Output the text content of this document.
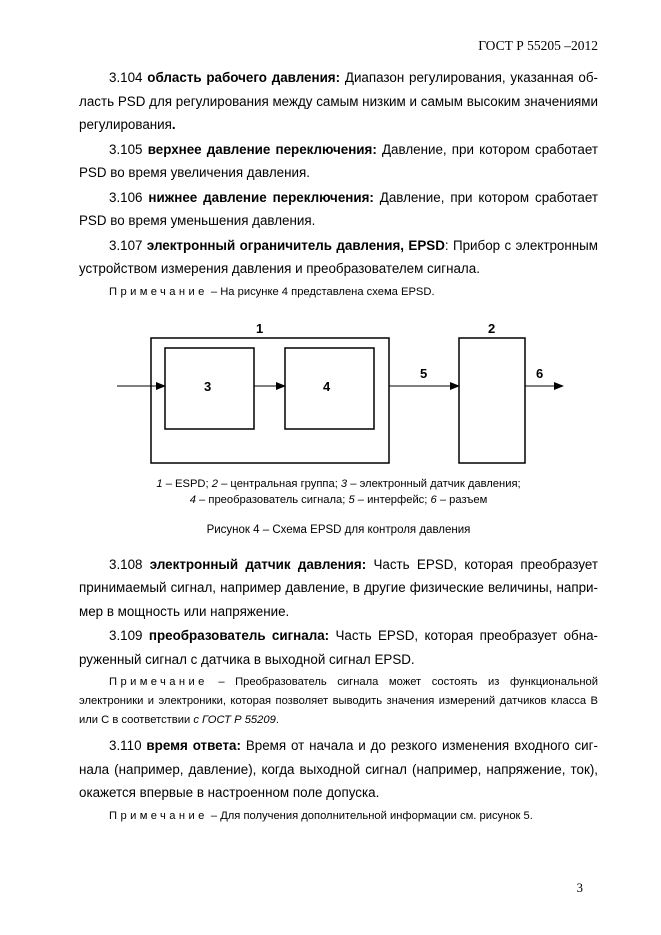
ГОСТ Р 55205 –2012

3.104 область рабочего давления: Диапазон регулирования, указанная об-ласть PSD для регулирования между самым низким и самым высоким значениями регулирования.

3.105 верхнее давление переключения: Давление, при котором сработает PSD во время увеличения давления.

3.106 нижнее давление переключения: Давление, при котором сработает PSD во время уменьшения давления.

3.107 электронный ограничитель давления, EPSD: Прибор с электронным устройством измерения давления и преобразователем сигнала.

Примечание – На рисунке 4 представлена схема EPSD.

1	2
3	4
5	6
1 – ESPD; 2 – центральная группа; 3 – электронный датчик давления;
4 – преобразователь сигнала; 5 – интерфейс; 6 – разъем
Рисунок 4 – Схема EPSD для контроля давления

3.108 электронный датчик давления: Часть EPSD, которая преобразует принимаемый сигнал, например давление, в другие физические величины, напри-мер в мощность или напряжение.

3.109 преобразователь сигнала: Часть EPSD, которая преобразует обна-руженный сигнал с датчика в выходной сигнал EPSD.

Примечание – Преобразователь сигнала может состоять из функциональной электроники и электроники, которая позволяет выводить значения измерений датчиков класса B или C в соответствии с ГОСТ Р 55209.

3.110 время ответа: Время от начала и до резкого изменения входного сиг-нала (например, давление), когда выходной сигнал (например, напряжение, ток), окажется впервые в настроенном поле допуска.

Примечание – Для получения дополнительной информации см. рисунок 5.

3
